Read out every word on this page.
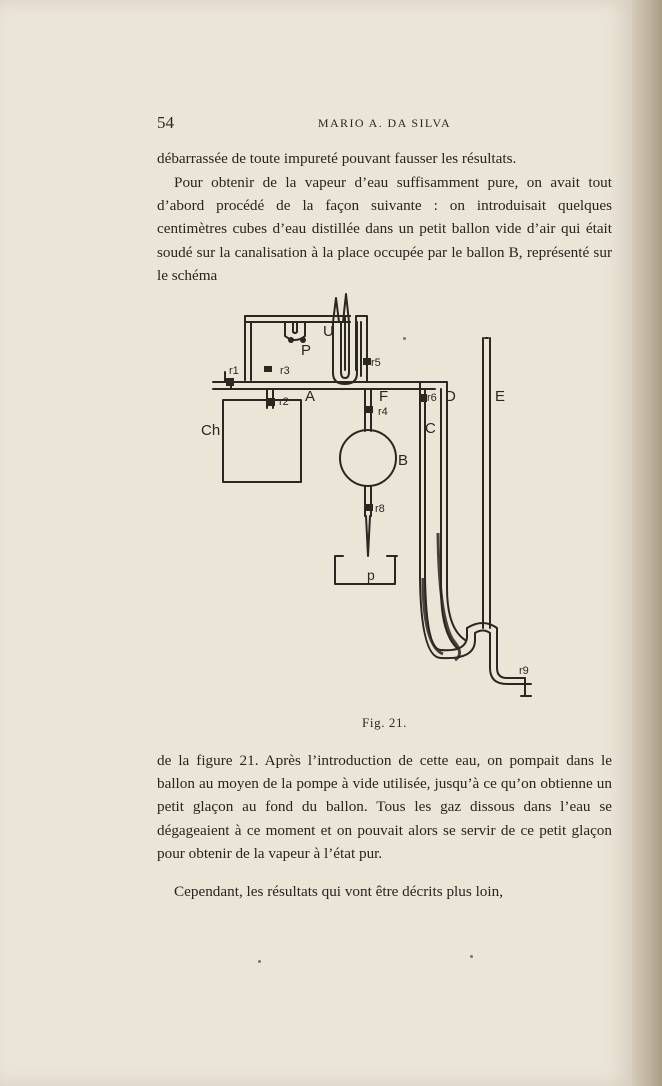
54	MARIO A. DA SILVA

débarrassée de toute impureté pouvant fausser les résultats.

Pour obtenir de la vapeur d’eau suffisamment pure, on avait tout d’abord procédé de la façon suivante : on introduisait quelques centimètres cubes d’eau distillée dans un petit ballon vide d’air qui était soudé sur la canalisation à la place occupée par le ballon B, représenté sur le schéma

U
P
r5
r3
r1
A	F	r6 D	E
r2
r4
C
Ch
B
r8
p
r9
Fig. 21.

de la figure 21. Après l’introduction de cette eau, on pompait dans le ballon au moyen de la pompe à vide utilisée, jusqu’à ce qu’on obtienne un petit glaçon au fond du ballon. Tous les gaz dissous dans l’eau se dégageaient à ce moment et on pouvait alors se servir de ce petit glaçon pour obtenir de la vapeur à l’état pur.

Cependant, les résultats qui vont être décrits plus loin,
